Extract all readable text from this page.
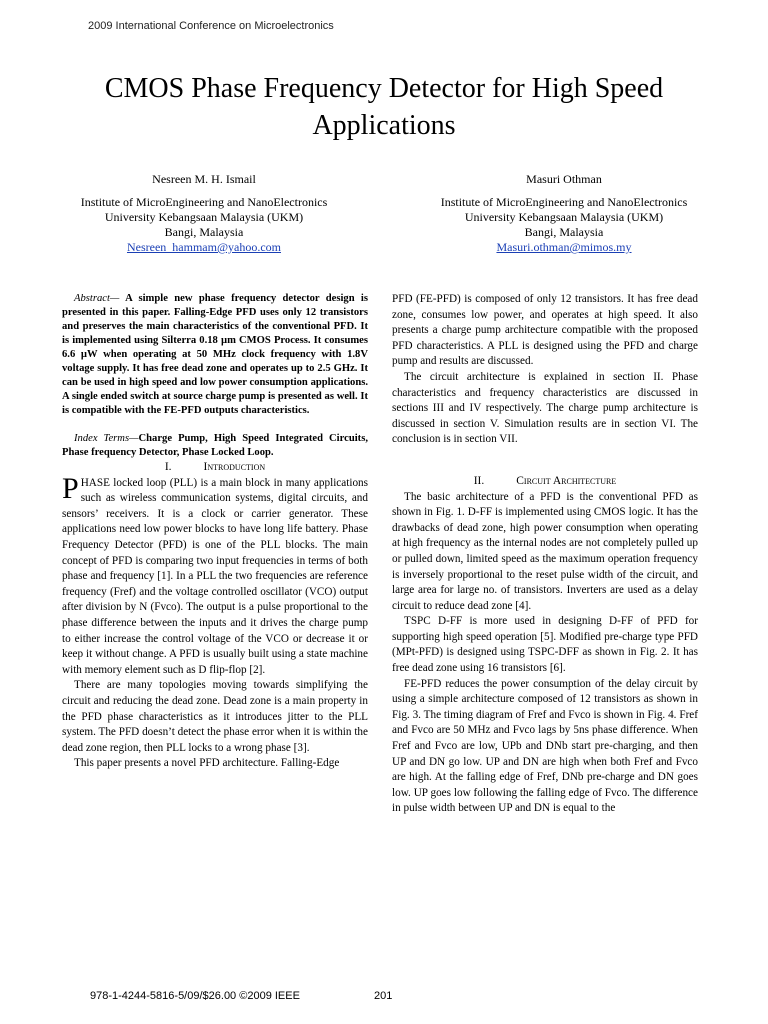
2009 International Conference on Microelectronics
CMOS Phase Frequency Detector for High Speed Applications
Nesreen M. H. Ismail
Institute of MicroEngineering and NanoElectronics
University Kebangsaan Malaysia (UKM)
Bangi, Malaysia
Nesreen_hammam@yahoo.com
Masuri Othman
Institute of MicroEngineering and NanoElectronics
University Kebangsaan Malaysia (UKM)
Bangi, Malaysia
Masuri.othman@mimos.my

Abstract— A simple new phase frequency detector design is presented in this paper. Falling-Edge PFD uses only 12 transistors and preserves the main characteristics of the conventional PFD. It is implemented using Silterra 0.18 µm CMOS Process. It consumes 6.6 µW when operating at 50 MHz clock frequency with 1.8V voltage supply. It has free dead zone and operates up to 2.5 GHz. It can be used in high speed and low power consumption applications. A single ended switch at source charge pump is presented as well. It is compatible with the FE-PFD outputs characteristics.

Index Terms—Charge Pump, High Speed Integrated Circuits, Phase frequency Detector, Phase Locked Loop.

I.	Introduction

PHASE locked loop (PLL) is a main block in many applications such as wireless communication systems, digital circuits, and sensors’ receivers. It is a clock or carrier generator. These applications need low power blocks to have long life battery. Phase Frequency Detector (PFD) is one of the PLL blocks. The main concept of PFD is comparing two input frequencies in terms of both phase and frequency [1]. In a PLL the two frequencies are reference frequency (Fref) and the voltage controlled oscillator (VCO) output after division by N (Fvco). The output is a pulse proportional to the phase difference between the inputs and it drives the charge pump to either increase the control voltage of the VCO or decrease it or keep it without change. A PFD is usually built using a state machine with memory element such as D flip-flop [2].

There are many topologies moving towards simplifying the circuit and reducing the dead zone. Dead zone is a main property in the PFD phase characteristics as it introduces jitter to the PLL system. The PFD doesn’t detect the phase error when it is within the dead zone region, then PLL locks to a wrong phase [3].

This paper presents a novel PFD architecture. Falling-Edge

PFD (FE-PFD) is composed of only 12 transistors. It has free dead zone, consumes low power, and operates at high speed. It also presents a charge pump architecture compatible with the proposed PFD characteristics. A PLL is designed using the PFD and charge pump and results are discussed.

The circuit architecture is explained in section II. Phase characteristics and frequency characteristics are discussed in sections III and IV respectively. The charge pump architecture is discussed in section V. Simulation results are in section VI. The conclusion is in section VII.

II.	Circuit Architecture

The basic architecture of a PFD is the conventional PFD as shown in Fig. 1. D-FF is implemented using CMOS logic. It has the drawbacks of dead zone, high power consumption when operating at high frequency as the internal nodes are not completely pulled up or pulled down, limited speed as the maximum operation frequency is inversely proportional to the reset pulse width of the circuit, and large area for large no. of transistors. Inverters are used as a delay circuit to reduce dead zone [4].

TSPC D-FF is more used in designing D-FF of PFD for supporting high speed operation [5]. Modified pre-charge type PFD (MPt-PFD) is designed using TSPC-DFF as shown in Fig. 2. It has free dead zone using 16 transistors [6].

FE-PFD reduces the power consumption of the delay circuit by using a simple architecture composed of 12 transistors as shown in Fig. 3. The timing diagram of Fref and Fvco is shown in Fig. 4. Fref and Fvco are 50 MHz and Fvco lags by 5ns phase difference. When Fref and Fvco are low, UPb and DNb start pre-charging, and then UP and DN go low. UP and DN are high when both Fref and Fvco are high. At the falling edge of Fref, DNb pre-charge and DN goes low. UP goes low following the falling edge of Fvco. The difference in pulse width between UP and DN is equal to the

978-1-4244-5816-5/09/$26.00 ©2009 IEEE	201
